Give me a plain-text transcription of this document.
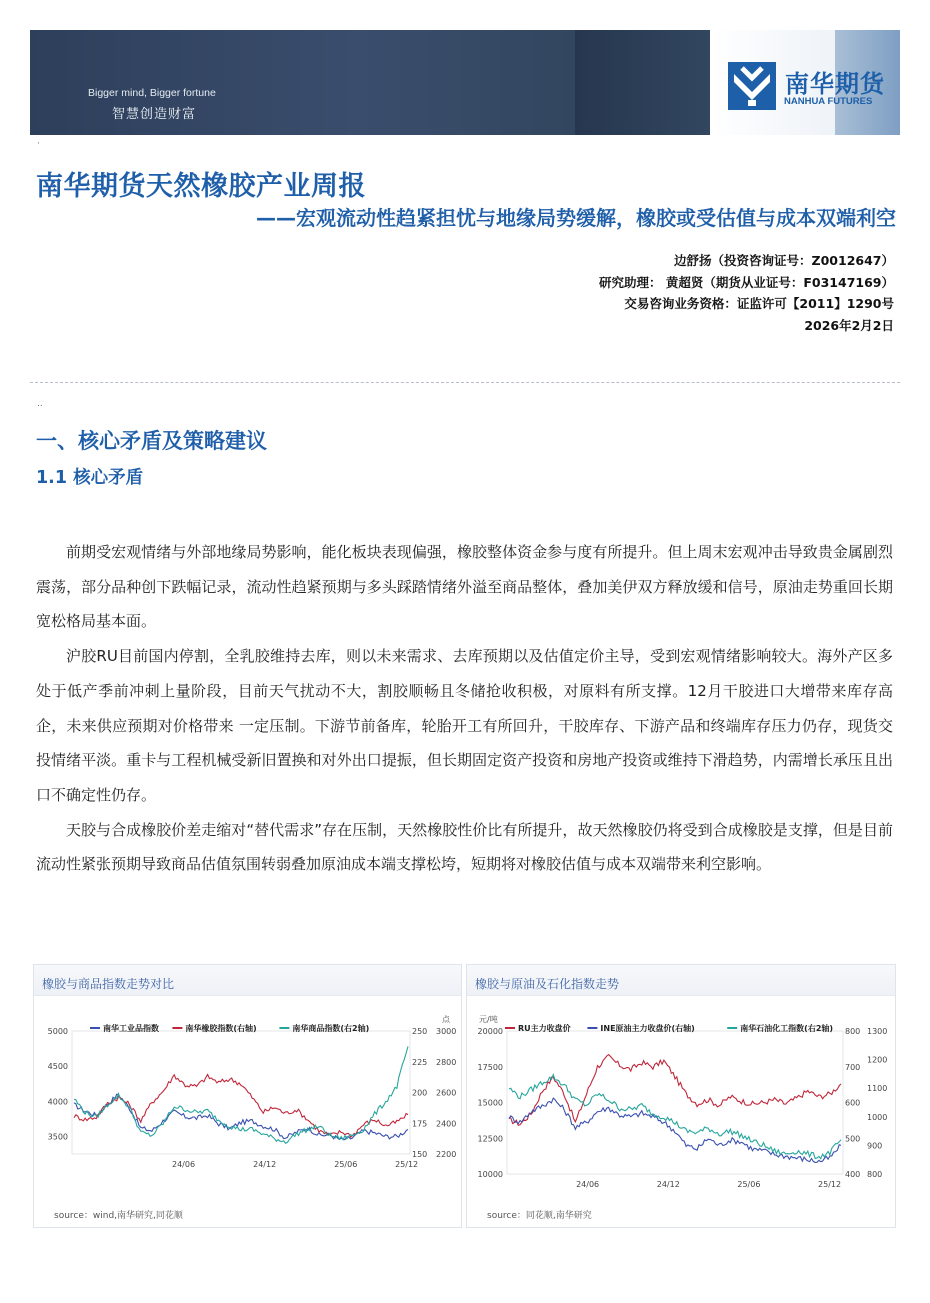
Bigger mind, Bigger fortune
智慧创造财富
南华期货
NANHUA FUTURES
·
南华期货天然橡胶产业周报
——宏观流动性趋紧担忧与地缘局势缓解，橡胶或受估值与成本双端利空
边舒扬（投资咨询证号：Z0012647）
研究助理： 黄超贤（期货从业证号：F03147169）
交易咨询业务资格：证监许可【2011】1290号
2026年2月2日
..
一、核心矛盾及策略建议
1.1 核心矛盾

前期受宏观情绪与外部地缘局势影响，能化板块表现偏强，橡胶整体资金参与度有所提升。但上周末宏观冲击导致贵金属剧烈震荡，部分品种创下跌幅记录，流动性趋紧预期与多头踩踏情绪外溢至商品整体，叠加美伊双方释放缓和信号，原油走势重回长期宽松格局基本面。

沪胶RU目前国内停割，全乳胶维持去库，则以未来需求、去库预期以及估值定价主导，受到宏观情绪影响较大。海外产区多处于低产季前冲刺上量阶段，目前天气扰动不大，割胶顺畅且冬储抢收积极，对原料有所支撑。12月干胶进口大增带来库存高企，未来供应预期对价格带来 一定压制。下游节前备库，轮胎开工有所回升，干胶库存、下游产品和终端库存压力仍存，现货交投情绪平淡。重卡与工程机械受新旧置换和对外出口提振，但长期固定资产投资和房地产投资或维持下滑趋势，内需增长承压且出口不确定性仍存。

天胶与合成橡胶价差走缩对“替代需求”存在压制，天然橡胶性价比有所提升，故天然橡胶仍将受到合成橡胶是支撑，但是目前流动性紧张预期导致商品估值氛围转弱叠加原油成本端支撑松垮，短期将对橡胶估值与成本双端带来利空影响。

橡胶与商品指数走势对比
24/06	24/12	25/06	25/12
3500
4000
4500
5000
150
175
200
225
250
2200
2400
2600
2800
3000
点
南华工业品指数	南华橡胶指数(右轴)	南华商品指数(右2轴)
source：wind,南华研究,同花顺
橡胶与原油及石化指数走势
24/06	24/12	25/06	25/12
10000
12500
15000
17500
20000
400
500
600
700
800
800
900
1000
1100
1200
1300
元/吨
RU主力收盘价	INE原油主力收盘价(右轴)	南华石油化工指数(右2轴)
source：同花顺,南华研究
